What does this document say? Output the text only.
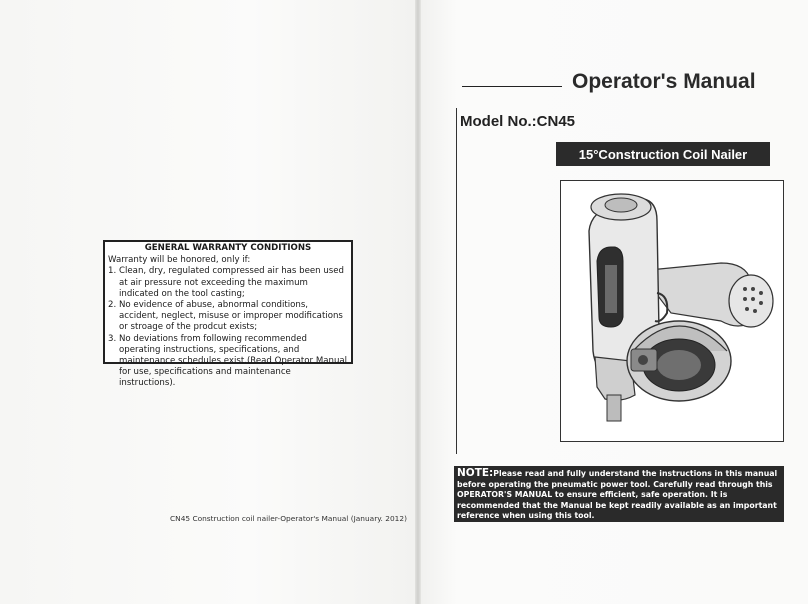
GENERAL WARRANTY CONDITIONS
Warranty will be honored, only if:
1. Clean, dry, regulated compressed air has been used at air pressure not exceeding the maximum indicated on the tool casting;
2. No evidence of abuse, abnormal conditions, accident, neglect, misuse or improper modifications or stroage of the prodcut exists;
3. No deviations from following recommended operating instructions, specifications, and maintenance schedules exist.(Read Operator Manual for use, specifications and maintenance instructions).
CN45 Construction coil nailer-Operator's Manual (January. 2012)
Operator's Manual
Model No.:CN45
15°Construction Coil Nailer
NOTE:Please read and fully understand the instructions in this manual before operating the pneumatic power tool. Carefully read through this OPERATOR'S MANUAL to ensure efficient, safe operation. It is recommended that the Manual be kept readily available as an important reference when using this tool.
